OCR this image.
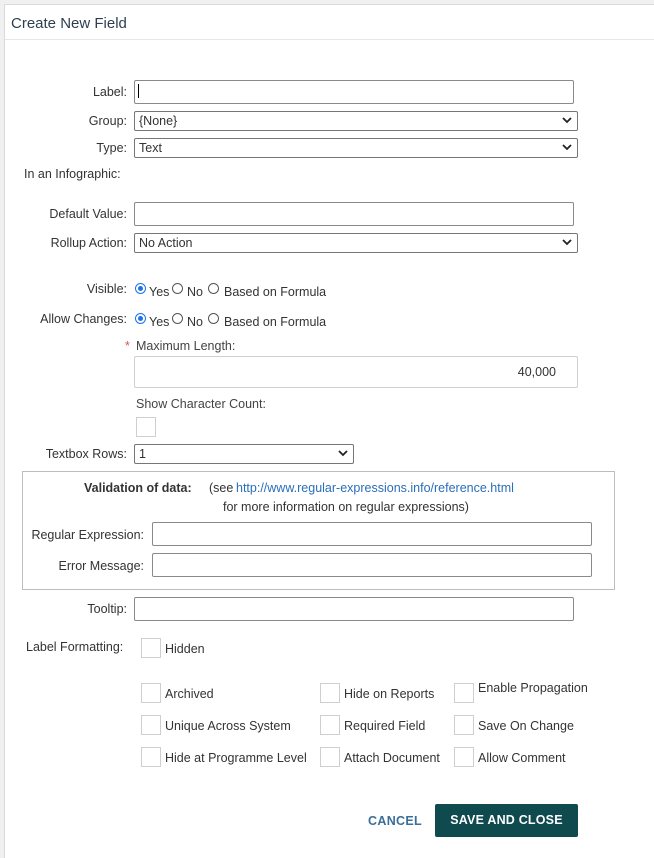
Create New Field
Label:
Group: {None}
Type: Text
In an Infographic:
Default Value:
Rollup Action: No Action
Visible: Yes No Based on Formula
Allow Changes: Yes No Based on Formula
* Maximum Length:
40,000
Show Character Count:
Textbox Rows: 1
Validation of data: (see http://www.regular-expressions.info/reference.html
for more information on regular expressions)
Regular Expression:
Error Message:
Tooltip:
Label Formatting:	Hidden
Archived	Hide on Reports	Enable Propagation
Unique Across System	Required Field	Save On Change
Hide at Programme Level	Attach Document	Allow Comment
CANCEL	SAVE AND CLOSE
